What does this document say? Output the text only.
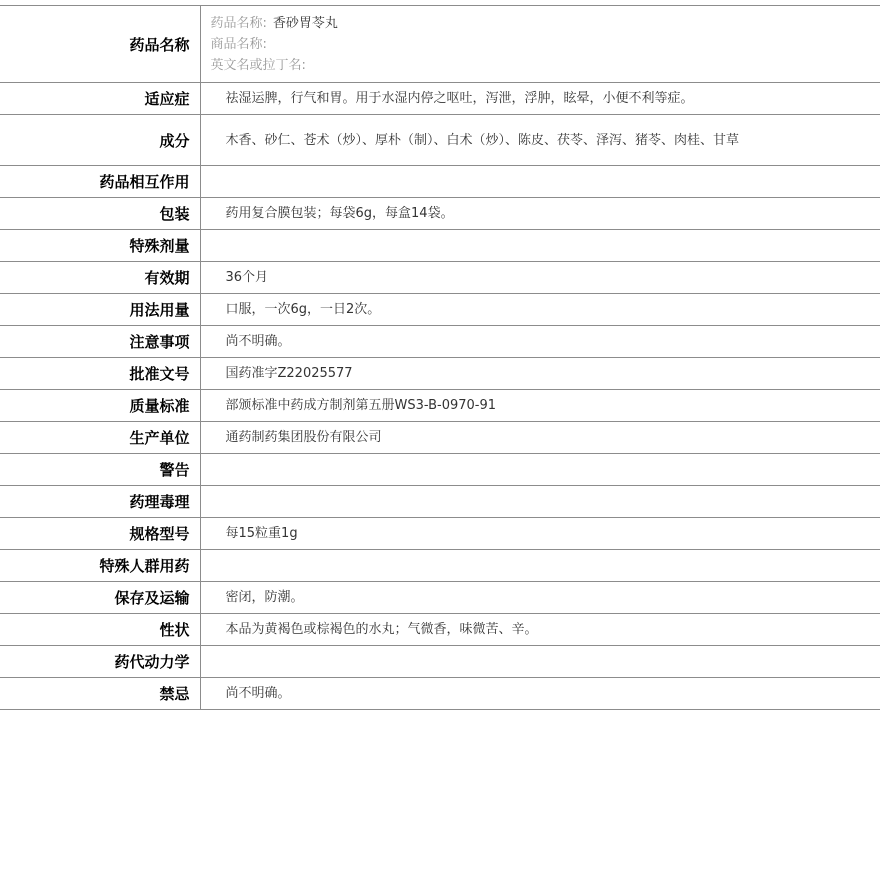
药品名称	药品名称: 香砂胃苓丸
商品名称:
英文名或拉丁名:

适应症	祛湿运脾，行气和胃。用于水湿内停之呕吐，泻泄，浮肿，眩晕，小便不利等症。
成分	木香、砂仁、苍术（炒）、厚朴（制）、白术（炒）、陈皮、茯苓、泽泻、猪苓、肉桂、甘草
药品相互作用	
包装	药用复合膜包装；每袋6g，每盒14袋。
特殊剂量	
有效期	36个月
用法用量	口服，一次6g，一日2次。
注意事项	尚不明确。
批准文号	国药准字Z22025577
质量标准	部颁标准中药成方制剂第五册WS3-B-0970-91
生产单位	通药制药集团股份有限公司
警告	
药理毒理	
规格型号	每15粒重1g
特殊人群用药	
保存及运输	密闭，防潮。
性状	本品为黄褐色或棕褐色的水丸；气微香，味微苦、辛。
药代动力学	
禁忌	尚不明确。
